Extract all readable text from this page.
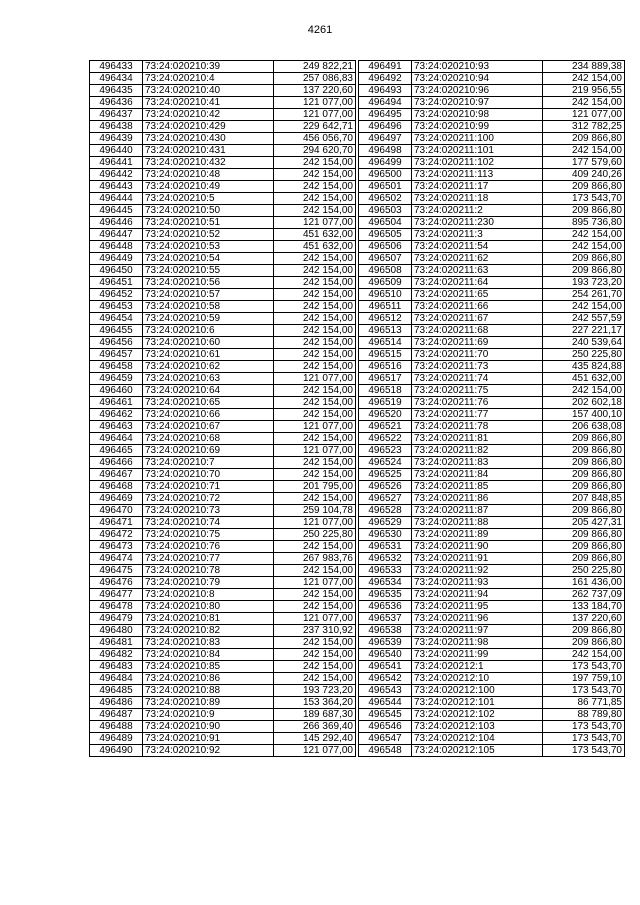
4261
496433	73:24:020210:39	249 822,21
496434	73:24:020210:4	257 086,83
496435	73:24:020210:40	137 220,60
496436	73:24:020210:41	121 077,00
496437	73:24:020210:42	121 077,00
496438	73:24:020210:429	229 642,71
496439	73:24:020210:430	456 056,70
496440	73:24:020210:431	294 620,70
496441	73:24:020210:432	242 154,00
496442	73:24:020210:48	242 154,00
496443	73:24:020210:49	242 154,00
496444	73:24:020210:5	242 154,00
496445	73:24:020210:50	242 154,00
496446	73:24:020210:51	121 077,00
496447	73:24:020210:52	451 632,00
496448	73:24:020210:53	451 632,00
496449	73:24:020210:54	242 154,00
496450	73:24:020210:55	242 154,00
496451	73:24:020210:56	242 154,00
496452	73:24:020210:57	242 154,00
496453	73:24:020210:58	242 154,00
496454	73:24:020210:59	242 154,00
496455	73:24:020210:6	242 154,00
496456	73:24:020210:60	242 154,00
496457	73:24:020210:61	242 154,00
496458	73:24:020210:62	242 154,00
496459	73:24:020210:63	121 077,00
496460	73:24:020210:64	242 154,00
496461	73:24:020210:65	242 154,00
496462	73:24:020210:66	242 154,00
496463	73:24:020210:67	121 077,00
496464	73:24:020210:68	242 154,00
496465	73:24:020210:69	121 077,00
496466	73:24:020210:7	242 154,00
496467	73:24:020210:70	242 154,00
496468	73:24:020210:71	201 795,00
496469	73:24:020210:72	242 154,00
496470	73:24:020210:73	259 104,78
496471	73:24:020210:74	121 077,00
496472	73:24:020210:75	250 225,80
496473	73:24:020210:76	242 154,00
496474	73:24:020210:77	267 983,76
496475	73:24:020210:78	242 154,00
496476	73:24:020210:79	121 077,00
496477	73:24:020210:8	242 154,00
496478	73:24:020210:80	242 154,00
496479	73:24:020210:81	121 077,00
496480	73:24:020210:82	237 310,92
496481	73:24:020210:83	242 154,00
496482	73:24:020210:84	242 154,00
496483	73:24:020210:85	242 154,00
496484	73:24:020210:86	242 154,00
496485	73:24:020210:88	193 723,20
496486	73:24:020210:89	153 364,20
496487	73:24:020210:9	189 687,30
496488	73:24:020210:90	266 369,40
496489	73:24:020210:91	145 292,40
496490	73:24:020210:92	121 077,00
496491	73:24:020210:93	234 889,38
496492	73:24:020210:94	242 154,00
496493	73:24:020210:96	219 956,55
496494	73:24:020210:97	242 154,00
496495	73:24:020210:98	121 077,00
496496	73:24:020210:99	312 782,25
496497	73:24:020211:100	209 866,80
496498	73:24:020211:101	242 154,00
496499	73:24:020211:102	177 579,60
496500	73:24:020211:113	409 240,26
496501	73:24:020211:17	209 866,80
496502	73:24:020211:18	173 543,70
496503	73:24:020211:2	209 866,80
496504	73:24:020211:230	895 736,80
496505	73:24:020211:3	242 154,00
496506	73:24:020211:54	242 154,00
496507	73:24:020211:62	209 866,80
496508	73:24:020211:63	209 866,80
496509	73:24:020211:64	193 723,20
496510	73:24:020211:65	254 261,70
496511	73:24:020211:66	242 154,00
496512	73:24:020211:67	242 557,59
496513	73:24:020211:68	227 221,17
496514	73:24:020211:69	240 539,64
496515	73:24:020211:70	250 225,80
496516	73:24:020211:73	435 824,88
496517	73:24:020211:74	451 632,00
496518	73:24:020211:75	242 154,00
496519	73:24:020211:76	202 602,18
496520	73:24:020211:77	157 400,10
496521	73:24:020211:78	206 638,08
496522	73:24:020211:81	209 866,80
496523	73:24:020211:82	209 866,80
496524	73:24:020211:83	209 866,80
496525	73:24:020211:84	209 866,80
496526	73:24:020211:85	209 866,80
496527	73:24:020211:86	207 848,85
496528	73:24:020211:87	209 866,80
496529	73:24:020211:88	205 427,31
496530	73:24:020211:89	209 866,80
496531	73:24:020211:90	209 866,80
496532	73:24:020211:91	209 866,80
496533	73:24:020211:92	250 225,80
496534	73:24:020211:93	161 436,00
496535	73:24:020211:94	262 737,09
496536	73:24:020211:95	133 184,70
496537	73:24:020211:96	137 220,60
496538	73:24:020211:97	209 866,80
496539	73:24:020211:98	209 866,80
496540	73:24:020211:99	242 154,00
496541	73:24:020212:1	173 543,70
496542	73:24:020212:10	197 759,10
496543	73:24:020212:100	173 543,70
496544	73:24:020212:101	86 771,85
496545	73:24:020212:102	88 789,80
496546	73:24:020212:103	173 543,70
496547	73:24:020212:104	173 543,70
496548	73:24:020212:105	173 543,70
